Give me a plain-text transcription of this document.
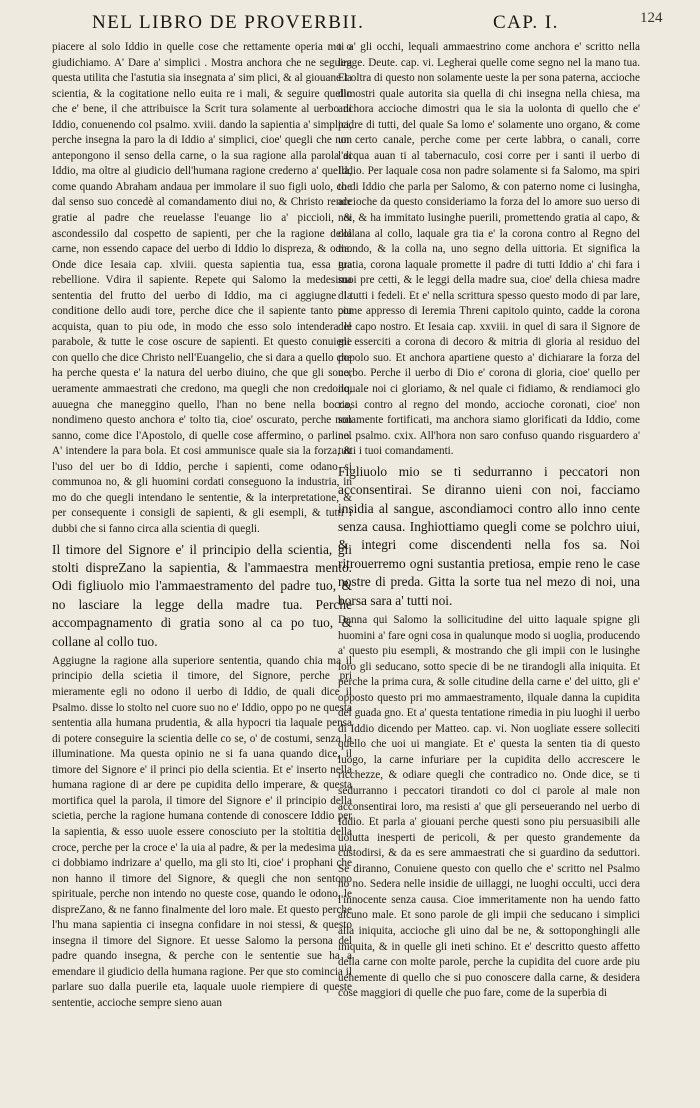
NEL LIBRO DE PROVERBII.	CAP. I.	124

piacere al solo Iddio in quelle cose che rettamente operia mo o giudichiamo. A' Dare a' simplici . Mostra anchora che ne seguira questa utilita che l'astutia sia insegnata a' sim plici, & al giouane la scientia, & la cogitatione nello euita re i mali, & seguire quello che e' bene, il che attribuisce la Scrit tura solamente al uerbo di Iddio, conuenendo col psalmo. xviii. dando la sapientia a' simplici, perche insegna la paro la di Iddio a' simplici, cioe' quegli che non antepongono il senso della carne, o la sua ragione alla parola di Iddio, ma oltre al giudicio dell'humana ragione crederno a' quella, come quando Abraham andaua per immolare il suo figli uolo, che dal senso suo concedè al comandamento diui no, & Christo rende gratie al padre che reuelasse l'euange lio a' piccioli, & ascondessilo dal cospetto de sapienti, per che la ragione della carne, non essendo capace del uerbo di Iddio lo dispreza, & odia. Onde dice Iesaia cap. xlviii. questa sapientia tua, essa tua rebellione. Vdira il sapiente. Repete qui Salomo la medesima sententia del frutto del uerbo di Iddio, ma ci aggiugne la conditione dello audi tore, perche dice che il sapiente tanto piu acquista, quan to piu ode, in modo che esso solo intendera le parabole, & tutte le cose oscure de sapienti. Et questo conuiene con quello che dice Christo nell'Euangelio, che si dara a quello che ha perche questa e' la natura del uerbo diuino, che que gli sono, ueramente ammaestrati che credono, ma quegli che non credono, auuegna che maneggino quello, l'han no bene nella bocca, nondimeno questo anchora e' tolto tia, cioe' oscurato, perche non sanno, come dice l'Apostolo, di quelle cose affermino, o parlino. A' intendere la para bola. Et cosi ammunisce quale sia la forza, & l'uso del uer bo di Iddio, perche i sapienti, come odano si communoa no, & gli huomini cordati conseguono la industria, in mo do che quegli intendano le sententie, & la interpretatione, & per consequente i consigli de sapienti, & gli esempli, & tutti i dubbi che si fanno circa alla scientia di quegli.

Il timore del Signore e' il principio della scientia, gli stolti dispreZano la sapientia, & l'ammaestra mento. Odi figliuolo mio l'ammaestramento del padre tuo, & no lasciare la legge della madre tua. Perche accompagnamento di gratia sono al ca po tuo, & collane al collo tuo.

Aggiugne la ragione alla superiore sententia, quando chia ma il principio della scietia il timore, del Signore, perche pri mieramente egli no odono il uerbo di Iddio, de quali dice il Psalmo. disse lo stolto nel cuore suo no e' Iddio, oppo po ne questa sententia alla humana prudentia, & alla hypocri tia laquale pensa di potere conseguire la scientia delle co se, o' de costumi, senza la illuminatione. Ma questa opinio ne si fa uana quando dice, il timore del Signore e' il princi pio della scientia. Et e' inserto nella humana ragione di ar dere pe cupidita dello imperare, & questa mortifica quel la parola, il timore del Signore e' il principio della scietia, perche la ragione humana contende di conoscere Iddio per la sapientia, & esso uuole essere conosciuto per la stoltitia della croce, perche per la croce e' la uia al padre, & per la medesima uia ci dobbiamo indrizare a' quello, ma gli sto lti, cioe' i prophani che non hanno il timore del Signore, & quegli che non sentono spirituale, perche non intendo no queste cose, quando le odono, le dispreZano, & ne fanno finalmente del loro male. Et questo perche l'hu mana sapientia ci insegna confidare in noi stessi, & questo insegna il timore del Signore. Et uesse Salomo la persona del padre quando insegna, & perche con le sententie sue ha a emendare il giudicio della humana ragione. Per que sto comincia il parlare suo dalla puerile eta, laquale uuole riempiere di queste sententie, accioche sempre sieno auan

ti a' gli occhi, lequali ammaestrino come anchora e' scritto nella legge. Deute. cap. vi. Legherai quelle come segno nel la mano tua. Et oltra di questo non solamente ueste la per sona paterna, accioche dimostri quale autorita sia quella di chi insegna nella chiesa, ma anchora accioche dimostri qua le sia la uolonta di quello che e' padre di tutti, del quale Sa lomo e' solamente uno organo, & come un certo canale, perche come per certe labbra, o canali, corre l'acqua auan ti al tabernaculo, cosi corre per i santi il uerbo di Iddio. Per laquale cosa non padre solamente si fa Salomo, ma spiri to di Iddio che parla per Salomo, & con paterno nome ci lusingha, accioche da questo consideriamo la forza del lo amore suo uerso di noi, & ha immitato lusinghe puerili, promettendo gratia al capo, & collana al collo, laquale gra tia e' la corona contro al Regno del mondo, & la colla na, uno segno della uittoria. Et significa la gratia, corona laquale promette il padre di tutti Iddio a' chi fara i suoi pre cetti, & le leggi della madre sua, cioe' della chiesa madre di tutti i fedeli. Et e' nella scrittura spesso questo modo di par lare, come appresso di Ieremia Threni capitolo quinto, cadde la corona del capo nostro. Et Iesaia cap. xxviii. in quel di sara il Signore de gli esserciti a corona di decoro & mitria di gloria al residuo del popolo suo. Et anchora apartiene questo a' dichiarare la forza del uerbo. Perche il uerbo di Dio e' corona di gloria, cioe' quello per ilquale noi ci gloriamo, & nel quale ci fidiamo, & rendiamoci glo riosi contro al regno del mondo, accioche coronati, cioe' non solamente fortificati, ma anchora siamo glorificati da Iddio, come nel psalmo. cxix. All'hora non saro confuso quando risguardero a' tutti i tuoi comandamenti.

Figliuolo mio se ti sedurranno i peccatori non acconsentirai. Se diranno uieni con noi, facciamo insidia al sangue, ascondiamoci contro allo inno cente senza causa. Inghiottiamo quegli come se polchro uiui, & integri come discendenti nella fos sa. Noi ritrouerremo ogni sustantia pretiosa, empie reno le case nostre di preda. Gitta la sorte tua nel mezo di noi, una borsa sara a' tutti noi.

Danna qui Salomo la sollicitudine del uitto laquale spigne gli huomini a' fare ogni cosa in qualunque modo si uoglia, producendo a' questo piu esempli, & mostrando che gli impii con le lusinghe loro gli seducano, sotto specie di be ne tirandogli alla iniquita. Et perche la prima cura, & solle citudine della carne e' del uitto, gli e' opposto questo pri mo ammaestramento, ilquale danna la cupidita del guada gno. Et a' questa tentatione rimedia in piu luoghi il uerbo di Iddio dicendo per Matteo. cap. vi. Non uogliate essere solleciti quello che uoi ui mangiate. Et e' questa la senten tia di questo luogo, la carne infuriare per la cupidita dello accrescere le ricchezze, & odiare quegli che contradico no. Onde dice, se ti sedurranno i peccatori tirandoti co dol ci parole al male non acconsentirai loro, ma resisti a' que gli perseuerando nel uerbo di Iddio. Et parla a' giouani perche questi sono piu persuasibili alle uolutta inesperti de pericoli, & per questo grandemente da custodirsi, & da es sere ammaestrati che si guardino da seduttori. Se diranno, Conuiene questo con quello che e' scritto nel Psalmo no no. Sedera nelle insidie de uillaggi, ne luoghi occulti, ucci dera l'innocente senza causa. Cioe immeritamente non ha uendo fatto alcuno male. Et sono parole de gli impii che seducano i simplici alla iniquita, accioche gli uino dal be ne, & sottoponghingli alle iniquita, & in quelle gli ineti schino. Et e' descritto questo affetto della carne con molte parole, perche la cupidita del cuore arde piu uehemente di quello che si puo conoscere dalla carne, & desidera cose maggiori di quelle che puo fare, come de la superbia di
